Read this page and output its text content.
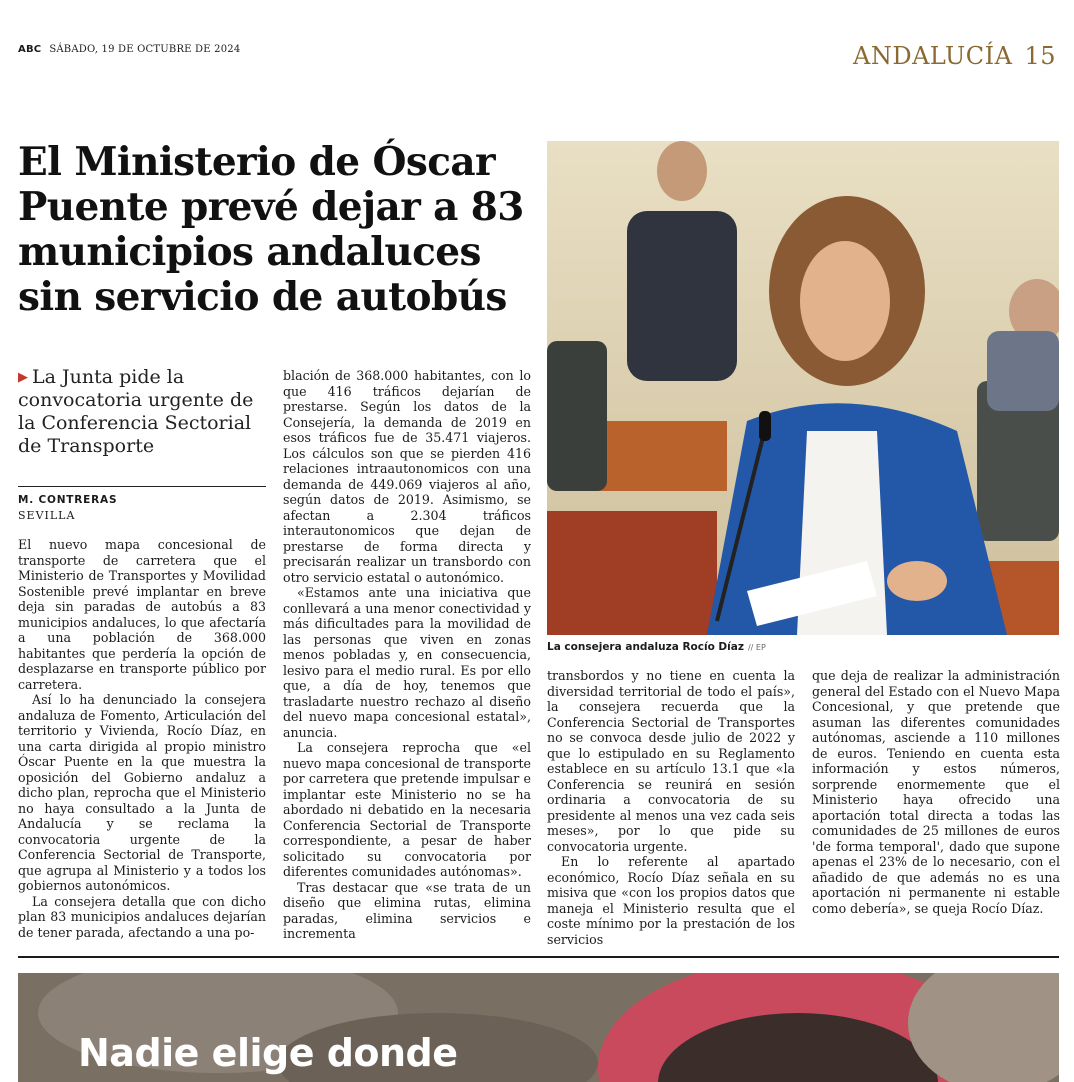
ABC SÁBADO, 19 DE OCTUBRE DE 2024	ANDALUCÍA 15
El Ministerio de Óscar Puente prevé dejar a 83 municipios andaluces sin servicio de autobús
La consejera andaluza Rocío Díaz // EP
▶ La Junta pide la convocatoria urgente de la Conferencia Sectorial de Transporte
M. CONTRERAS
SEVILLA

El nuevo mapa concesional de transporte de carretera que el Ministerio de Transportes y Movilidad Sostenible prevé implantar en breve deja sin paradas de autobús a 83 municipios andaluces, lo que afectaría a una población de 368.000 habitantes que perdería la opción de desplazarse en transporte público por carretera.

Así lo ha denunciado la consejera andaluza de Fomento, Articulación del territorio y Vivienda, Rocío Díaz, en una carta dirigida al propio ministro Óscar Puente en la que muestra la oposición del Gobierno andaluz a dicho plan, reprocha que el Ministerio no haya consultado a la Junta de Andalucía y se reclama la convocatoria urgente de la Conferencia Sectorial de Transporte, que agrupa al Ministerio y a todos los gobiernos autonómicos.

La consejera detalla que con dicho plan 83 municipios andaluces dejarían de tener parada, afectando a una po-

blación de 368.000 habitantes, con lo que 416 tráficos dejarían de prestarse. Según los datos de la Consejería, la demanda de 2019 en esos tráficos fue de 35.471 viajeros. Los cálculos son que se pierden 416 relaciones intraautonomicos con una demanda de 449.069 viajeros al año, según datos de 2019. Asimismo, se afectan a 2.304 tráficos interautonomicos que dejan de prestarse de forma directa y precisarán realizar un transbordo con otro servicio estatal o autonómico.

«Estamos ante una iniciativa que conllevará a una menor conectividad y más dificultades para la movilidad de las personas que viven en zonas menos pobladas y, en consecuencia, lesivo para el medio rural. Es por ello que, a día de hoy, tenemos que trasladarte nuestro rechazo al diseño del nuevo mapa concesional estatal», anuncia.

La consejera reprocha que «el nuevo mapa concesional de transporte por carretera que pretende impulsar e implantar este Ministerio no se ha abordado ni debatido en la necesaria Conferencia Sectorial de Transporte correspondiente, a pesar de haber solicitado su convocatoria por diferentes comunidades autónomas».

Tras destacar que «se trata de un diseño que elimina rutas, elimina paradas, elimina servicios e incrementa

transbordos y no tiene en cuenta la diversidad territorial de todo el país», la consejera recuerda que la Conferencia Sectorial de Transportes no se convoca desde julio de 2022 y que lo estipulado en su Reglamento establece en su artículo 13.1 que «la Conferencia se reunirá en sesión ordinaria a convocatoria de su presidente al menos una vez cada seis meses», por lo que pide su convocatoria urgente.

En lo referente al apartado económico, Rocío Díaz señala en su misiva que «con los propios datos que maneja el Ministerio resulta que el coste mínimo por la prestación de los servicios

que deja de realizar la administración general del Estado con el Nuevo Mapa Concesional, y que pretende que asuman las diferentes comunidades autónomas, asciende a 110 millones de euros. Teniendo en cuenta esta información y estos números, sorprende enormemente que el Ministerio haya ofrecido una aportación total directa a todas las comunidades de 25 millones de euros 'de forma temporal', dado que supone apenas el 23% de lo necesario, con el añadido de que además no es una aportación ni permanente ni estable como debería», se queja Rocío Díaz.

Nadie elige donde
